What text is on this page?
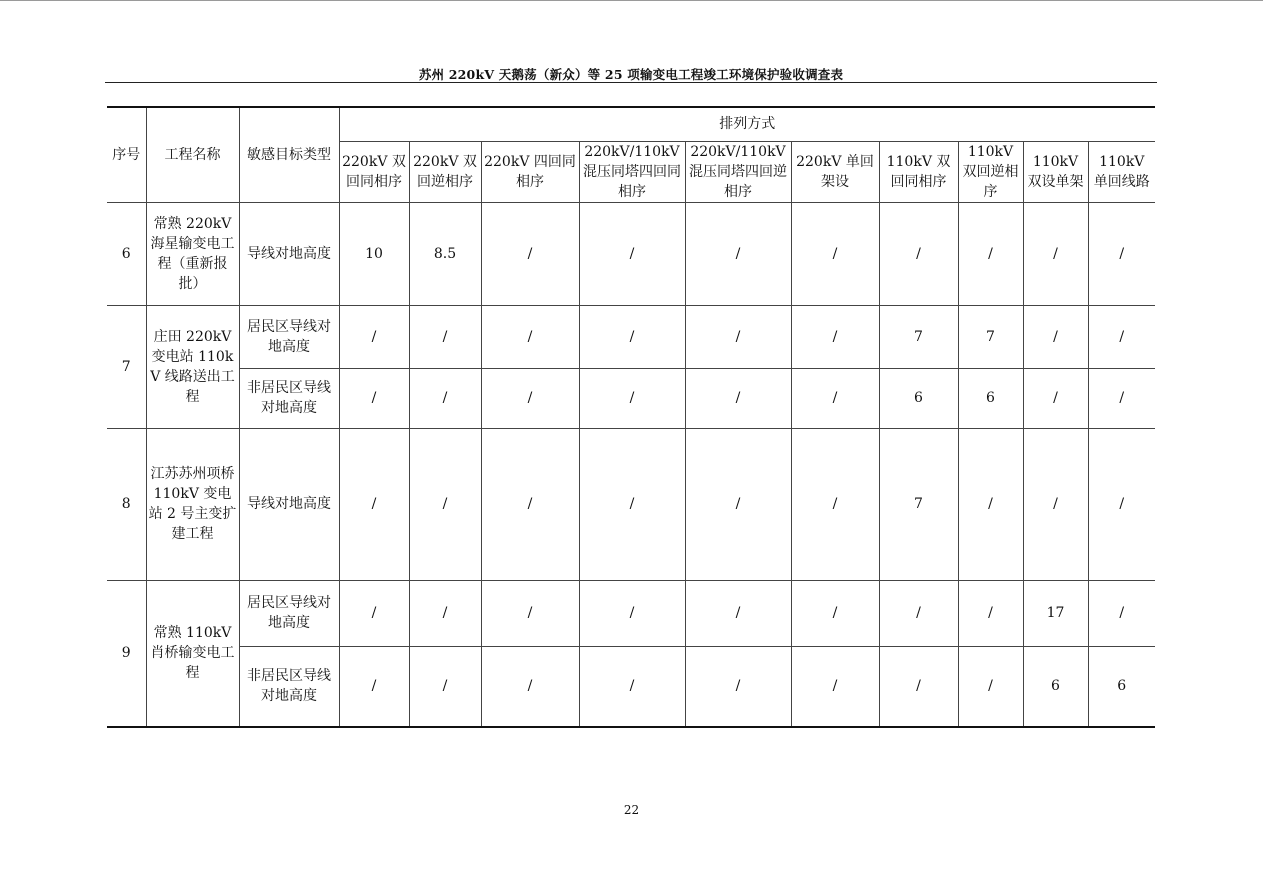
苏州 220kV 天鹅荡（新众）等 25 项输变电工程竣工环境保护验收调查表
序号	工程名称	敏感目标类型	排列方式									
			220kV 双回同相序	220kV 双回逆相序	220kV 四回同相序	220kV/110kV 混压同塔四回同相序	220kV/110kV 混压同塔四回逆相序	220kV 单回架设	110kV 双回同相序	110kV 双回逆相序	110kV 双设单架	110kV 单回线路
6	常熟 220kV 海星输变电工程（重新报批）	导线对地高度	10	8.5	/	/	/	/	/	/	/	/
7	庄田 220kV 变电站 110kV 线路送出工程	居民区导线对地高度	/	/	/	/	/	/	7	7	/	/
		非居民区导线对地高度	/	/	/	/	/	/	6	6	/	/
8	江苏苏州项桥 110kV 变电站 2 号主变扩建工程	导线对地高度	/	/	/	/	/	/	7	/	/	/
9	常熟 110kV 肖桥输变电工程	居民区导线对地高度	/	/	/	/	/	/	/	/	17	/
		非居民区导线对地高度	/	/	/	/	/	/	/	/	6	6
22
